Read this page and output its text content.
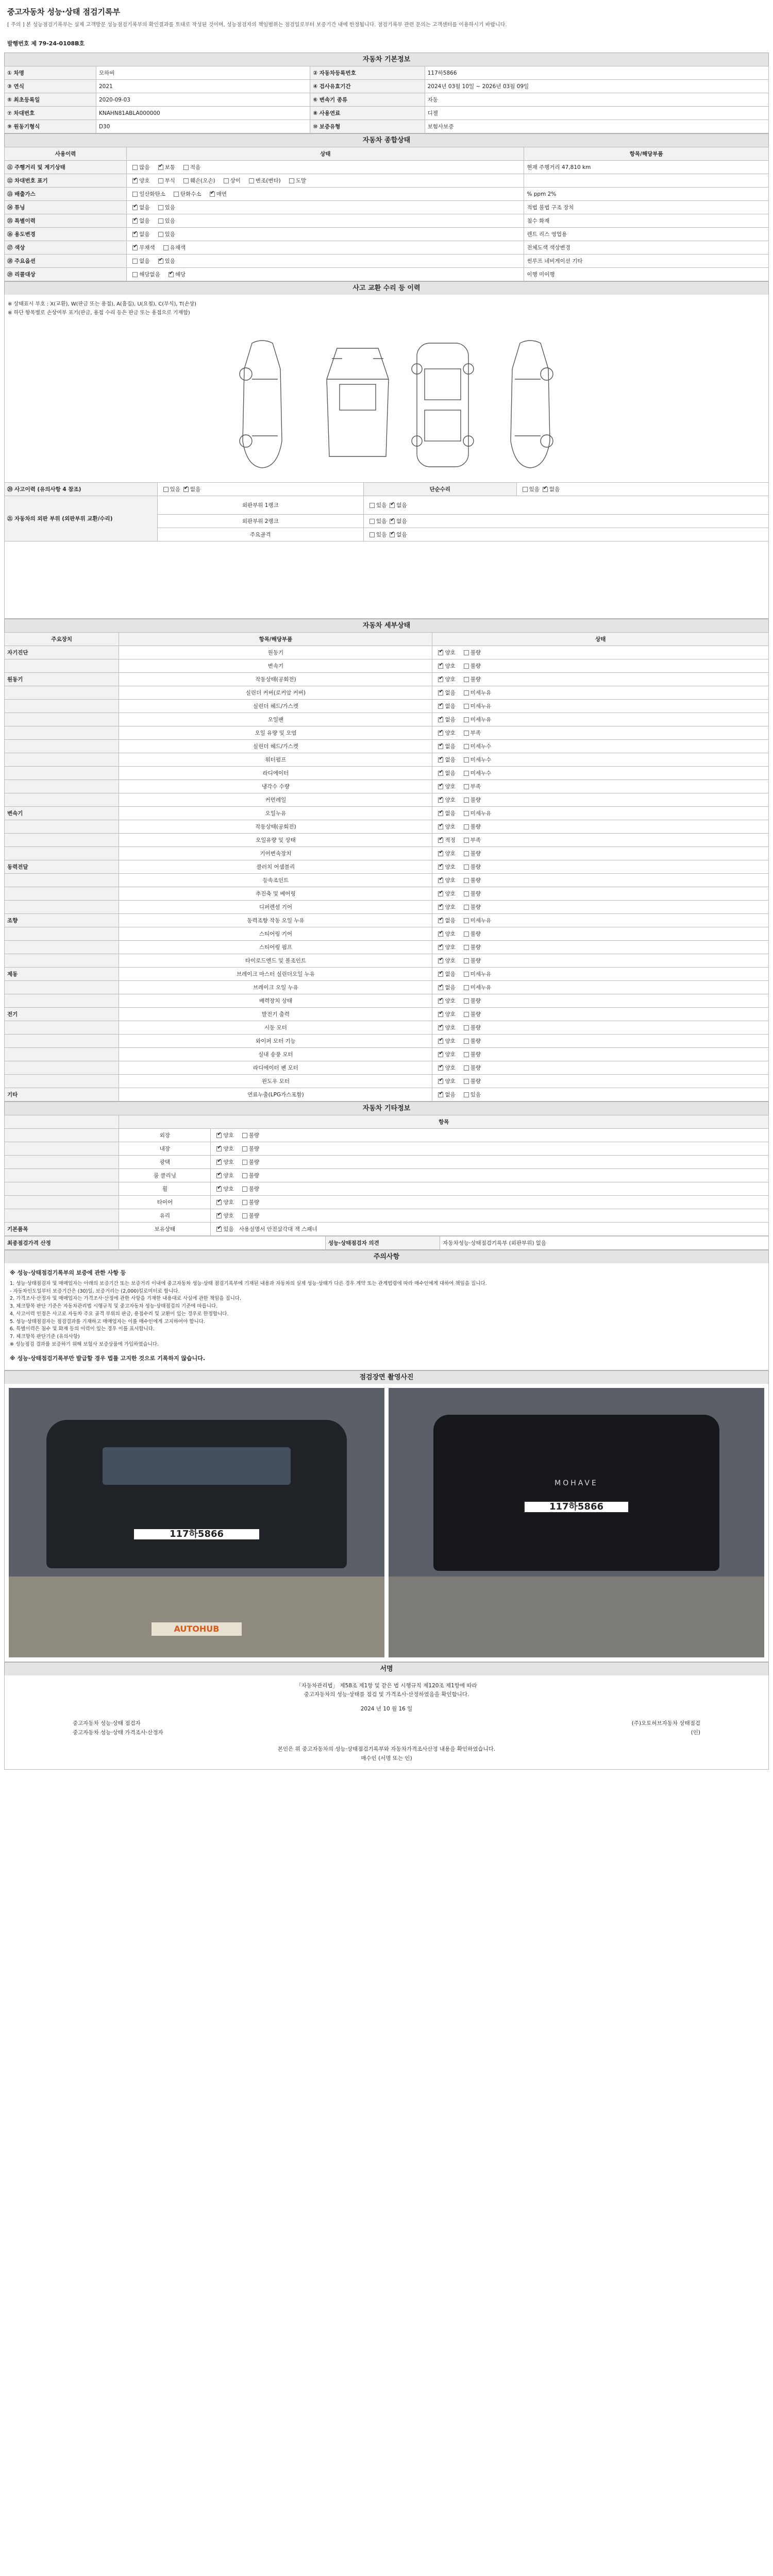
중고자동차 성능·상태 점검기록부
[ 주의 ] 본 성능점검기록부는 실제 고객방문 성능점검기록부의 확인결과를 토대로 작성된 것이며, 성능점검자의 책임범위는 점검일로부터 보증기간 내에 한정됩니다. 점검기록부 관련 문의는 고객센터를 이용하시기 바랍니다.
발행번호 제 79-24-0108B호
자동차 기본정보
① 차명	모하비	② 자동차등록번호	117하5866
③ 연식	2021	④ 검사유효기간	2024년 03월 10일 ~ 2026년 03월 09일
⑤ 최초등록일	2020-09-03	⑥ 변속기 종류	자동
⑦ 차대번호	KNAHN81ABLA000000	⑧ 사용연료	디젤
⑨ 원동기형식	D30	⑩ 보증유형	보험사보증
자동차 종합상태
사용이력	상태	항목/해당부품
⑪ 주행거리 및 계기상태	많음 ✔ 보통 적음	현재 주행거리 47,810 km
⑫ 차대번호 표기	✔양호 부식 훼손(오손) 상이 변조(변타) 도말	
⑬ 배출가스	일산화탄소 탄화수소 ✔ 매연	% ppm 2%
⑭ 튜닝	✔없음 있음	적법 불법 구조 장치
⑮ 특별이력	✔없음 있음	침수 화재
⑯ 용도변경	✔없음 있음	렌트 리스 영업용
⑰ 색상	✔무채색 유채색	전체도색 색상변경
⑱ 주요옵션	없음 ✔ 있음	썬루프 네비게이션 기타
⑲ 리콜대상	해당없음 ✔ 해당	이행 미이행
사고 교환 수리 등 이력
※ 상태표시 부호 : X(교환), W(판금 또는 용접), A(흠집), U(요철), C(부식), T(손상)
※ 하단 항목별로 손상여부 표기(판금, 용접 수리 등은 판금 또는 용접으로 기재함)
⑳ 사고이력 (유의사항 4 참조)	있음 ✔ 없음	단순수리	있음 ✔ 없음
㉑ 자동차의 외판 부위 (외판부위 교환/수리)	외판부위 1랭크	있음 ✔ 없음
	외판부위 2랭크	있음 ✔ 없음
	주요골격	있음 ✔ 없음
자동차 세부상태
주요장치	항목/해당부품	상태
자기진단	원동기	✔양호 불량
	변속기	✔양호 불량
원동기	작동상태(공회전)	✔양호 불량
	실린더 커버(로커암 커버)	✔없음 미세누유
	실린더 헤드/가스켓	✔없음 미세누유
	오일팬	✔없음 미세누유
	오일 유량 및 오염	✔양호 부족
	실린더 헤드/가스켓	✔없음 미세누수
	워터펌프	✔없음 미세누수
	라디에이터	✔없음 미세누수
	냉각수 수량	✔양호 부족
	커먼레일	✔양호 불량
변속기	오일누유	✔없음 미세누유
	작동상태(공회전)	✔양호 불량
	오일유량 및 상태	✔적정 부족
	기어변속장치	✔양호 불량
동력전달	클러치 어셈블리	✔양호 불량
	등속조인트	✔양호 불량
	추진축 및 베어링	✔양호 불량
	디퍼렌셜 기어	✔양호 불량
조향	동력조향 작동 오일 누유	✔없음 미세누유
	스티어링 기어	✔양호 불량
	스티어링 펌프	✔양호 불량
	타이로드엔드 및 볼조인트	✔양호 불량
제동	브레이크 마스터 실린더오일 누유	✔없음 미세누유
	브레이크 오일 누유	✔없음 미세누유
	배력장치 상태	✔양호 불량
전기	발전기 출력	✔양호 불량
	시동 모터	✔양호 불량
	와이퍼 모터 기능	✔양호 불량
	실내 송풍 모터	✔양호 불량
	라디에이터 팬 모터	✔양호 불량
	윈도우 모터	✔양호 불량
기타	연료누출(LPG가스포함)	✔없음 있음
자동차 기타정보
	항목	
	외장	✔양호 불량
	내장	✔양호 불량
	광택	✔양호 불량
	룸 클리닝	✔양호 불량
	휠	✔양호 불량
	타이어	✔양호 불량
	유리	✔양호 불량
기본품목	보유상태	✔있음 사용설명서 안전삼각대 잭 스패너
최종점검가격 산정		성능·상태점검자 의견	자동차성능·상태점검기록부 (외판부위) 없음
주의사항
※ 성능·상태점검기록부의 보증에 관한 사항 등
1. 성능·상태점검자 및 매매업자는 아래의 보증기간 또는 보증거리 이내에 중고자동차 성능·상태 점검기록부에 기재된 내용과 자동차의 실제 성능·상태가 다른 경우 계약 또는 관계법령에 따라 매수인에게 대하여 책임을 집니다.
- 자동차인도일부터 보증기간은 (30)일, 보증거리는 (2,000)킬로미터로 합니다.
2. 가격조사·산정자 및 매매업자는 가격조사·산정에 관한 사항을 기재한 내용대로 사실에 관한 책임을 집니다.
3. 체크항목 판단 기준은 자동차관리법 시행규칙 및 중고자동차 성능·상태점검의 기준에 따릅니다.
4. 사고이력 인정은 사고로 자동차 주요 골격 부위의 판금, 용접수리 및 교환이 있는 경우로 한정합니다.
5. 성능·상태점검자는 점검결과를 기재하고 매매업자는 이를 매수인에게 고지하여야 합니다.
6. 특별이력은 침수 및 화재 등의 이력이 있는 경우 이를 표시합니다.
7. 체크항목 판단기준 (유의사항)
※ 성능점검 결과를 보증하기 위해 보험사 보증상품에 가입하였습니다.
※ 성능·상태점검기록부만 발급할 경우 법률 고지한 것으로 기록하지 않습니다.
점검장면 촬영사진
117하5866
AUTOHUB
MOHAVE
117하5866
서명
「자동차관리법」 제58조 제1항 및 같은 법 시행규칙 제120조 제1항에 따라
중고자동차의 성능·상태를 점검 및 가격조사·산정하였음을 확인합니다.
2024 년 10 월 16 일
중고자동차 성능·상태 점검자	(주)오토허브자동차 상태점검
중고자동차 성능·상태 가격조사·산정자	(인)
본인은 위 중고자동차의 성능·상태점검기록부와 자동차가격조사산정 내용을 확인하였습니다.
매수인 (서명 또는 인)
